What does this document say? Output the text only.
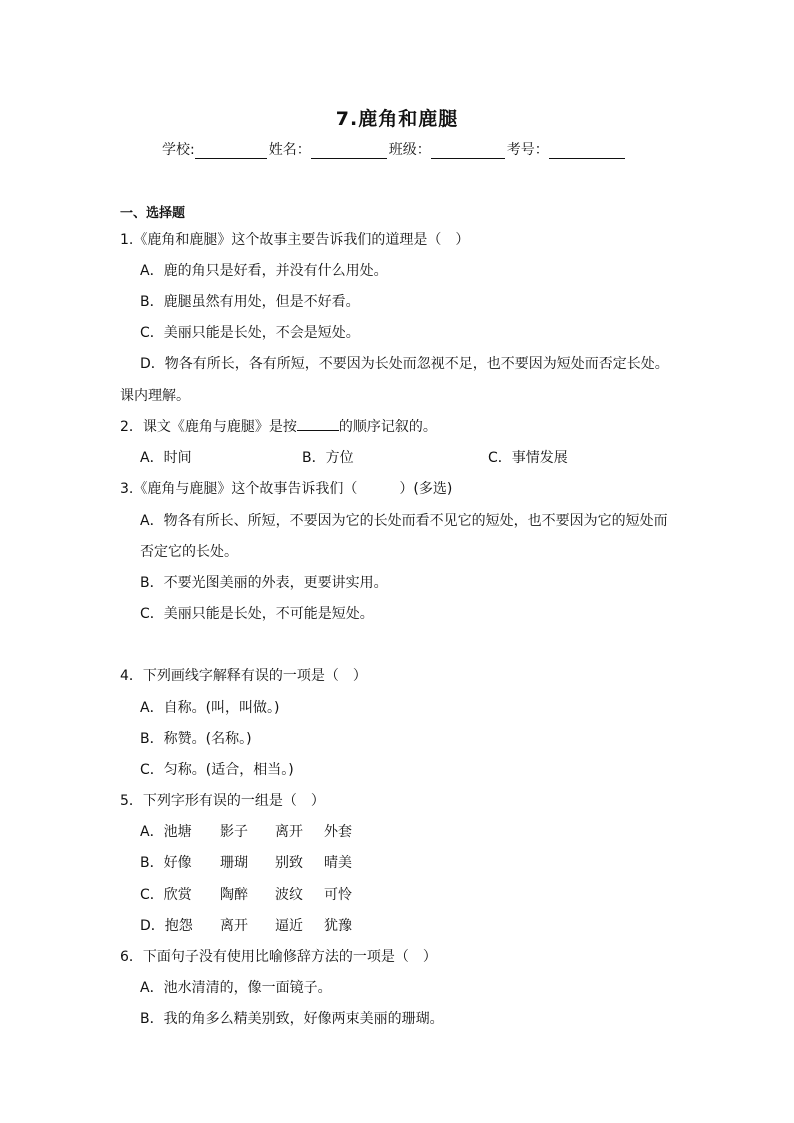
7.鹿角和鹿腿
学校:	姓名：	班级：	考号：
一、选择题
1.《鹿角和鹿腿》这个故事主要告诉我们的道理是（　）
A．鹿的角只是好看，并没有什么用处。
B．鹿腿虽然有用处，但是不好看。
C．美丽只能是长处，不会是短处。
D．物各有所长，各有所短，不要因为长处而忽视不足，也不要因为短处而否定长处。
课内理解。
2．课文《鹿角与鹿腿》是按	的顺序记叙的。
A．时间	B．方位	C．事情发展
3.《鹿角与鹿腿》这个故事告诉我们（　　　）(多选)
A．物各有所长、所短，不要因为它的长处而看不见它的短处，也不要因为它的短处而
否定它的长处。
B．不要光图美丽的外表，更要讲实用。
C．美丽只能是长处，不可能是短处。
4．下列画线字解释有误的一项是（　）
A．自称。(叫，叫做。)
B．称赞。(名称。)
C．匀称。(适合，相当。)
5．下列字形有误的一组是（　）
A．池塘 影子 离开 外套
B．好像 珊瑚 别致 晴美
C．欣赏 陶醉 波纹 可怜
D．抱怨 离开 逼近 犹豫
6．下面句子没有使用比喻修辞方法的一项是（　）
A．池水清清的，像一面镜子。
B．我的角多么精美别致，好像两束美丽的珊瑚。
